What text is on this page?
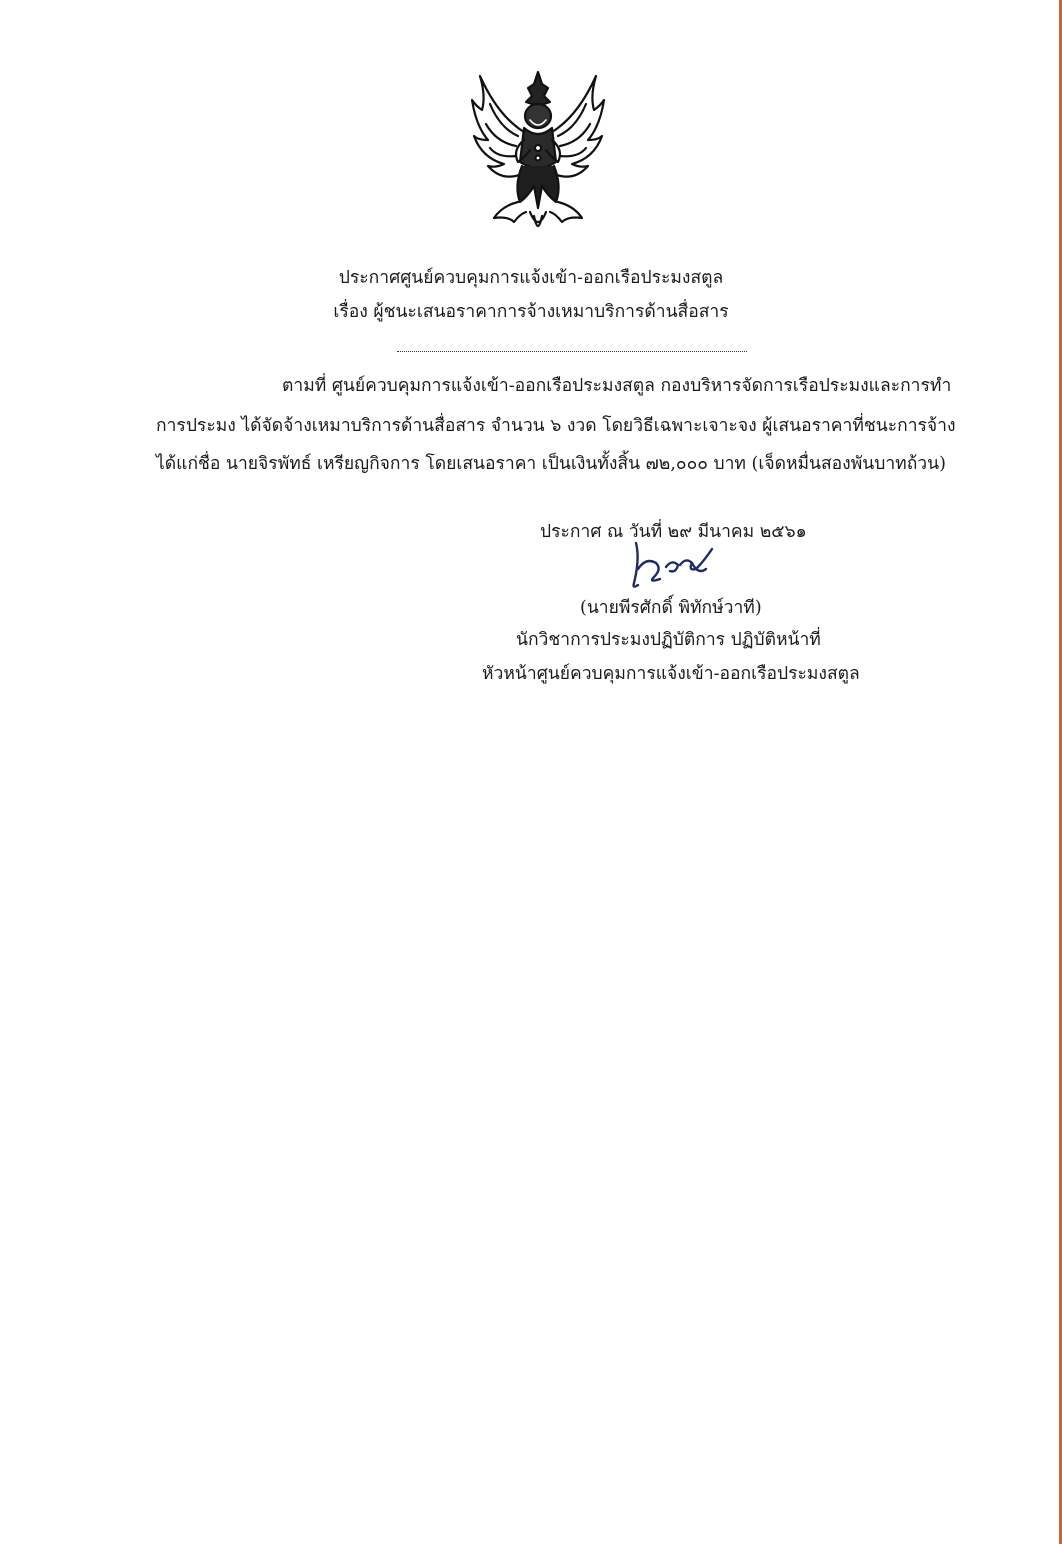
ประกาศศูนย์ควบคุมการแจ้งเข้า-ออกเรือประมงสตูล
เรื่อง ผู้ชนะเสนอราคาการจ้างเหมาบริการด้านสื่อสาร
ตามที่ ศูนย์ควบคุมการแจ้งเข้า-ออกเรือประมงสตูล กองบริหารจัดการเรือประมงและการทำ
การประมง ได้จัดจ้างเหมาบริการด้านสื่อสาร จำนวน ๖ งวด โดยวิธีเฉพาะเจาะจง ผู้เสนอราคาที่ชนะการจ้าง
ได้แก่ชื่อ นายจิรพัทธ์ เหรียญกิจการ โดยเสนอราคา เป็นเงินทั้งสิ้น ๗๒,๐๐๐ บาท (เจ็ดหมื่นสองพันบาทถ้วน)
ประกาศ ณ วันที่ ๒๙ มีนาคม ๒๕๖๑
(นายพีรศักดิ์ พิทักษ์วาที)
นักวิชาการประมงปฏิบัติการ ปฏิบัติหน้าที่
หัวหน้าศูนย์ควบคุมการแจ้งเข้า-ออกเรือประมงสตูล
